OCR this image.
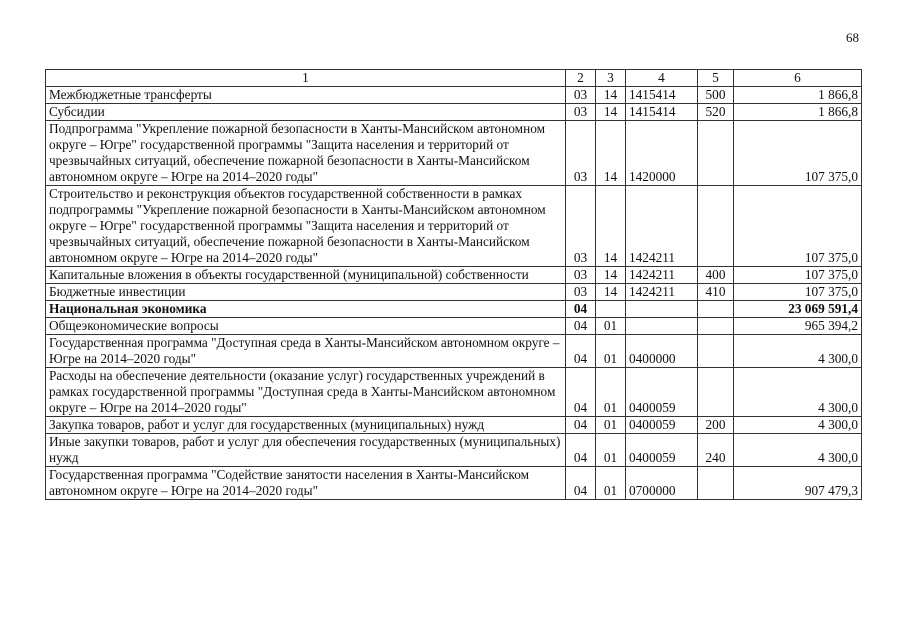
68
1	2	3	4	5	6
Межбюджетные трансферты	03	14	1415414	500	1 866,8
Субсидии	03	14	1415414	520	1 866,8
Подпрограмма "Укрепление пожарной безопасности в Ханты-Мансийском автономном округе – Югре" государственной программы "Защита населения и территорий от чрезвычайных ситуаций, обеспечение пожарной безопасности в Ханты-Мансийском автономном округе – Югре на 2014–2020 годы"	03	14	1420000		107 375,0
Строительство и реконструкция объектов государственной собственности в рамках подпрограммы "Укрепление пожарной безопасности в Ханты-Мансийском автономном округе – Югре" государственной программы "Защита населения и территорий от чрезвычайных ситуаций, обеспечение пожарной безопасности в Ханты-Мансийском автономном округе – Югре на 2014–2020 годы"	03	14	1424211		107 375,0
Капитальные вложения в объекты государственной (муниципальной) собственности	03	14	1424211	400	107 375,0
Бюджетные инвестиции	03	14	1424211	410	107 375,0
Национальная экономика	04				23 069 591,4
Общеэкономические вопросы	04	01			965 394,2
Государственная программа "Доступная среда в Ханты-Мансийском автономном округе – Югре на 2014–2020 годы"	04	01	0400000		4 300,0
Расходы на обеспечение деятельности (оказание услуг) государственных учреждений в рамках государственной программы "Доступная среда в Ханты-Мансийском автономном округе – Югре на 2014–2020 годы"	04	01	0400059		4 300,0
Закупка товаров, работ и услуг для государственных (муниципальных) нужд	04	01	0400059	200	4 300,0
Иные закупки товаров, работ и услуг для обеспечения государственных (муниципальных) нужд	04	01	0400059	240	4 300,0
Государственная программа "Содействие занятости населения в Ханты-Мансийском автономном округе – Югре на 2014–2020 годы"	04	01	0700000		907 479,3
